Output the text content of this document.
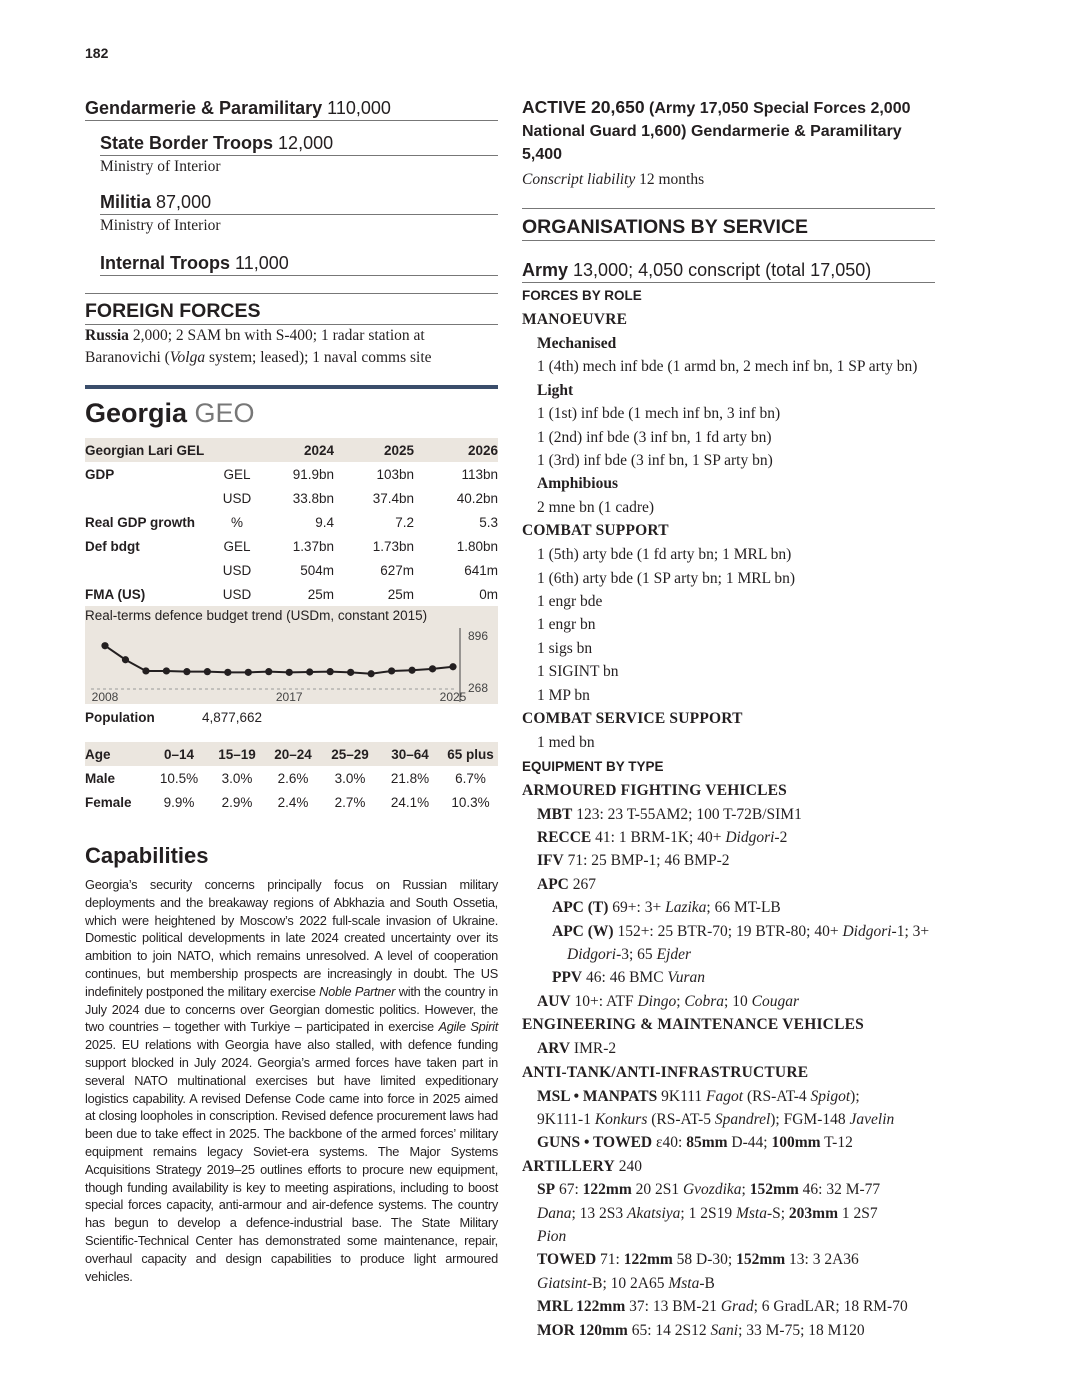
182
Gendarmerie & Paramilitary 110,000
State Border Troops 12,000
Ministry of Interior
Militia 87,000
Ministry of Interior
Internal Troops 11,000
FOREIGN FORCES
Russia 2,000; 2 SAM bn with S-400; 1 radar station at Baranovichi (Volga system; leased); 1 naval comms site
Georgia GEO
Georgian Lari GEL		2024	2025	2026
GDP	GEL	91.9bn	103bn	113bn
	USD	33.8bn	37.4bn	40.2bn
Real GDP growth	%	9.4	7.2	5.3
Def bdgt	GEL	1.37bn	1.73bn	1.80bn
	USD	504m	627m	641m
FMA (US)	USD	25m	25m	0m
Real-terms defence budget trend (USDm, constant 2015)
2008	2017	2025
896
268
Population	4,877,662
Age	0–14	15–19	20–24	25–29	30–64	65 plus
Male	10.5%	3.0%	2.6%	3.0%	21.8%	6.7%
Female	9.9%	2.9%	2.4%	2.7%	24.1%	10.3%
Capabilities
Georgia’s security concerns principally focus on Russian military deployments and the breakaway regions of Abkhazia and South Ossetia, which were heightened by Moscow’s 2022 full-scale invasion of Ukraine. Domestic political developments in late 2024 created uncertainty over its ambition to join NATO, which remains unresolved. A level of cooperation continues, but membership prospects are increasingly in doubt. The US indefinitely postponed the military exercise Noble Partner with the country in July 2024 due to concerns over Georgian domestic politics. However, the two countries – together with Turkiye – participated in exercise Agile Spirit 2025. EU relations with Georgia have also stalled, with defence funding support blocked in July 2024. Georgia’s armed forces have taken part in several NATO multinational exercises but have limited expeditionary logistics capability. A revised Defense Code came into force in 2025 aimed at closing loopholes in conscription. Revised defence procurement laws had been due to take effect in 2025. The backbone of the armed forces’ military equipment remains legacy Soviet-era systems. The Major Systems Acquisitions Strategy 2019–25 outlines efforts to procure new equipment, though funding availability is key to meeting aspirations, including to boost special forces capacity, anti-armour and air-defence systems. The country has begun to develop a defence-industrial base. The State Military Scientific-Technical Center has demonstrated some maintenance, repair, overhaul capacity and design capabilities to produce light armoured vehicles.
ACTIVE 20,650 (Army 17,050 Special Forces 2,000 National Guard 1,600) Gendarmerie & Paramilitary 5,400
Conscript liability 12 months
ORGANISATIONS BY SERVICE
Army 13,000; 4,050 conscript (total 17,050)
FORCES BY ROLE
MANOEUVRE
Mechanised
1 (4th) mech inf bde (1 armd bn, 2 mech inf bn, 1 SP arty bn)
Light
1 (1st) inf bde (1 mech inf bn, 3 inf bn)
1 (2nd) inf bde (3 inf bn, 1 fd arty bn)
1 (3rd) inf bde (3 inf bn, 1 SP arty bn)
Amphibious
2 mne bn (1 cadre)
COMBAT SUPPORT
1 (5th) arty bde (1 fd arty bn; 1 MRL bn)
1 (6th) arty bde (1 SP arty bn; 1 MRL bn)
1 engr bde
1 engr bn
1 sigs bn
1 SIGINT bn
1 MP bn
COMBAT SERVICE SUPPORT
1 med bn
EQUIPMENT BY TYPE
ARMOURED FIGHTING VEHICLES
MBT 123: 23 T-55AM2; 100 T-72B/SIM1
RECCE 41: 1 BRM-1K; 40+ Didgori-2
IFV 71: 25 BMP-1; 46 BMP-2
APC 267
APC (T) 69+: 3+ Lazika; 66 MT-LB
APC (W) 152+: 25 BTR-70; 19 BTR-80; 40+ Didgori-1; 3+ Didgori-3; 65 Ejder
PPV 46: 46 BMC Vuran
AUV 10+: ATF Dingo; Cobra; 10 Cougar
ENGINEERING & MAINTENANCE VEHICLES
ARV IMR-2
ANTI-TANK/ANTI-INFRASTRUCTURE
MSL • MANPATS 9K111 Fagot (RS-AT-4 Spigot); 9K111-1 Konkurs (RS-AT-5 Spandrel); FGM-148 Javelin
GUNS • TOWED ε40: 85mm D-44; 100mm T-12
ARTILLERY 240
SP 67: 122mm 20 2S1 Gvozdika; 152mm 46: 32 M-77 Dana; 13 2S3 Akatsiya; 1 2S19 Msta-S; 203mm 1 2S7 Pion
TOWED 71: 122mm 58 D-30; 152mm 13: 3 2A36 Giatsint-B; 10 2A65 Msta-B
MRL 122mm 37: 13 BM-21 Grad; 6 GradLAR; 18 RM-70
MOR 120mm 65: 14 2S12 Sani; 33 M-75; 18 M120
